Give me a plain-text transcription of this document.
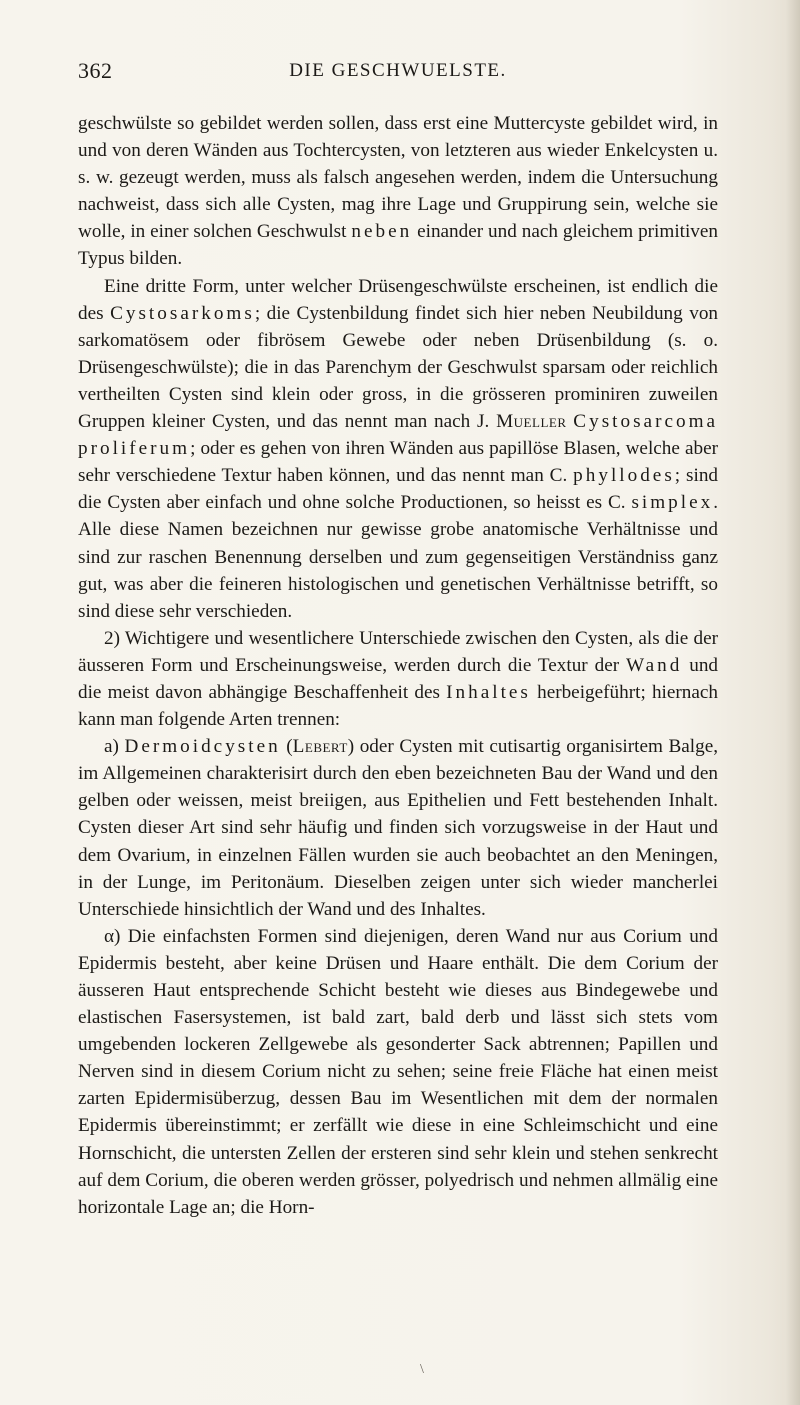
362	DIE GESCHWUELSTE.

geschwülste so gebildet werden sollen, dass erst eine Muttercyste gebildet wird, in und von deren Wänden aus Tochtercysten, von letzteren aus wieder Enkelcysten u. s. w. gezeugt werden, muss als falsch angesehen werden, indem die Untersuchung nachweist, dass sich alle Cysten, mag ihre Lage und Gruppirung sein, welche sie wolle, in einer solchen Geschwulst neben einander und nach gleichem primitiven Typus bilden.

Eine dritte Form, unter welcher Drüsengeschwülste erscheinen, ist endlich die des Cystosarkoms; die Cystenbildung findet sich hier neben Neubildung von sarkomatösem oder fibrösem Gewebe oder neben Drüsenbildung (s. o. Drüsengeschwülste); die in das Parenchym der Geschwulst sparsam oder reichlich vertheilten Cysten sind klein oder gross, in die grösseren prominiren zuweilen Gruppen kleiner Cysten, und das nennt man nach J. Mueller Cystosarcoma proliferum; oder es gehen von ihren Wänden aus papillöse Blasen, welche aber sehr verschiedene Textur haben können, und das nennt man C. phyllodes; sind die Cysten aber einfach und ohne solche Productionen, so heisst es C. simplex. Alle diese Namen bezeichnen nur gewisse grobe anatomische Verhältnisse und sind zur raschen Benennung derselben und zum gegenseitigen Verständniss ganz gut, was aber die feineren histologischen und genetischen Verhältnisse betrifft, so sind diese sehr verschieden.

2) Wichtigere und wesentlichere Unterschiede zwischen den Cysten, als die der äusseren Form und Erscheinungsweise, werden durch die Textur der Wand und die meist davon abhängige Beschaffenheit des Inhaltes herbeigeführt; hiernach kann man folgende Arten trennen:

a) Dermoidcysten (Lebert) oder Cysten mit cutisartig organisirtem Balge, im Allgemeinen charakterisirt durch den eben bezeichneten Bau der Wand und den gelben oder weissen, meist breiigen, aus Epithelien und Fett bestehenden Inhalt. Cysten dieser Art sind sehr häufig und finden sich vorzugsweise in der Haut und dem Ovarium, in einzelnen Fällen wurden sie auch beobachtet an den Meningen, in der Lunge, im Peritonäum. Dieselben zeigen unter sich wieder mancherlei Unterschiede hinsichtlich der Wand und des Inhaltes.

α) Die einfachsten Formen sind diejenigen, deren Wand nur aus Corium und Epidermis besteht, aber keine Drüsen und Haare enthält. Die dem Corium der äusseren Haut entsprechende Schicht besteht wie dieses aus Bindegewebe und elastischen Fasersystemen, ist bald zart, bald derb und lässt sich stets vom umgebenden lockeren Zellgewebe als gesonderter Sack abtrennen; Papillen und Nerven sind in diesem Corium nicht zu sehen; seine freie Fläche hat einen meist zarten Epidermisüberzug, dessen Bau im Wesentlichen mit dem der normalen Epidermis übereinstimmt; er zerfällt wie diese in eine Schleimschicht und eine Hornschicht, die untersten Zellen der ersteren sind sehr klein und stehen senkrecht auf dem Corium, die oberen werden grösser, polyedrisch und nehmen allmälig eine horizontale Lage an; die Horn-

\
